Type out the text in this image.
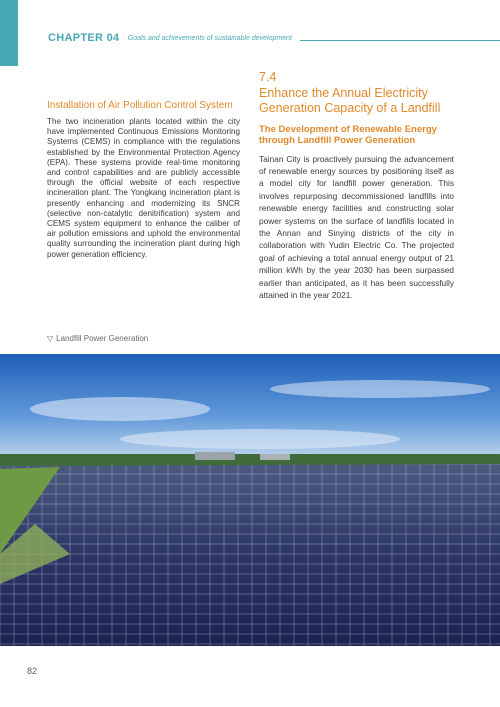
CHAPTER 04 · Goals and achievements of sustainable development
Installation of Air Pollution Control System

The two incineration plants located within the city have implemented Continuous Emissions Monitoring Systems (CEMS) in compliance with the regulations established by the Environmental Protection Agency (EPA). These systems provide real-time monitoring and control capabilities and are publicly accessible through the official website of each respective incineration plant. The Yongkang incineration plant is presently enhancing and modernizing its SNCR (selective non-catalytic denitrification) system and CEMS system equipment to enhance the caliber of air pollution emissions and uphold the environmental quality surrounding the incineration plant during high power generation efficiency.

7.4
Enhance the Annual Electricity
Generation Capacity of a Landfill
The Development of Renewable Energy through Landfill Power Generation

Tainan City is proactively pursuing the advancement of renewable energy sources by positioning itself as a model city for landfill power generation. This involves repurposing decommissioned landfills into renewable energy facilities and constructing solar power systems on the surface of landfills located in the Annan and Sinying districts of the city in collaboration with Yudin Electric Co. The projected goal of achieving a total annual energy output of 21 million kWh by the year 2030 has been surpassed earlier than anticipated, as it has been successfully attained in the year 2021.

▽ Landfill Power Generation
82
